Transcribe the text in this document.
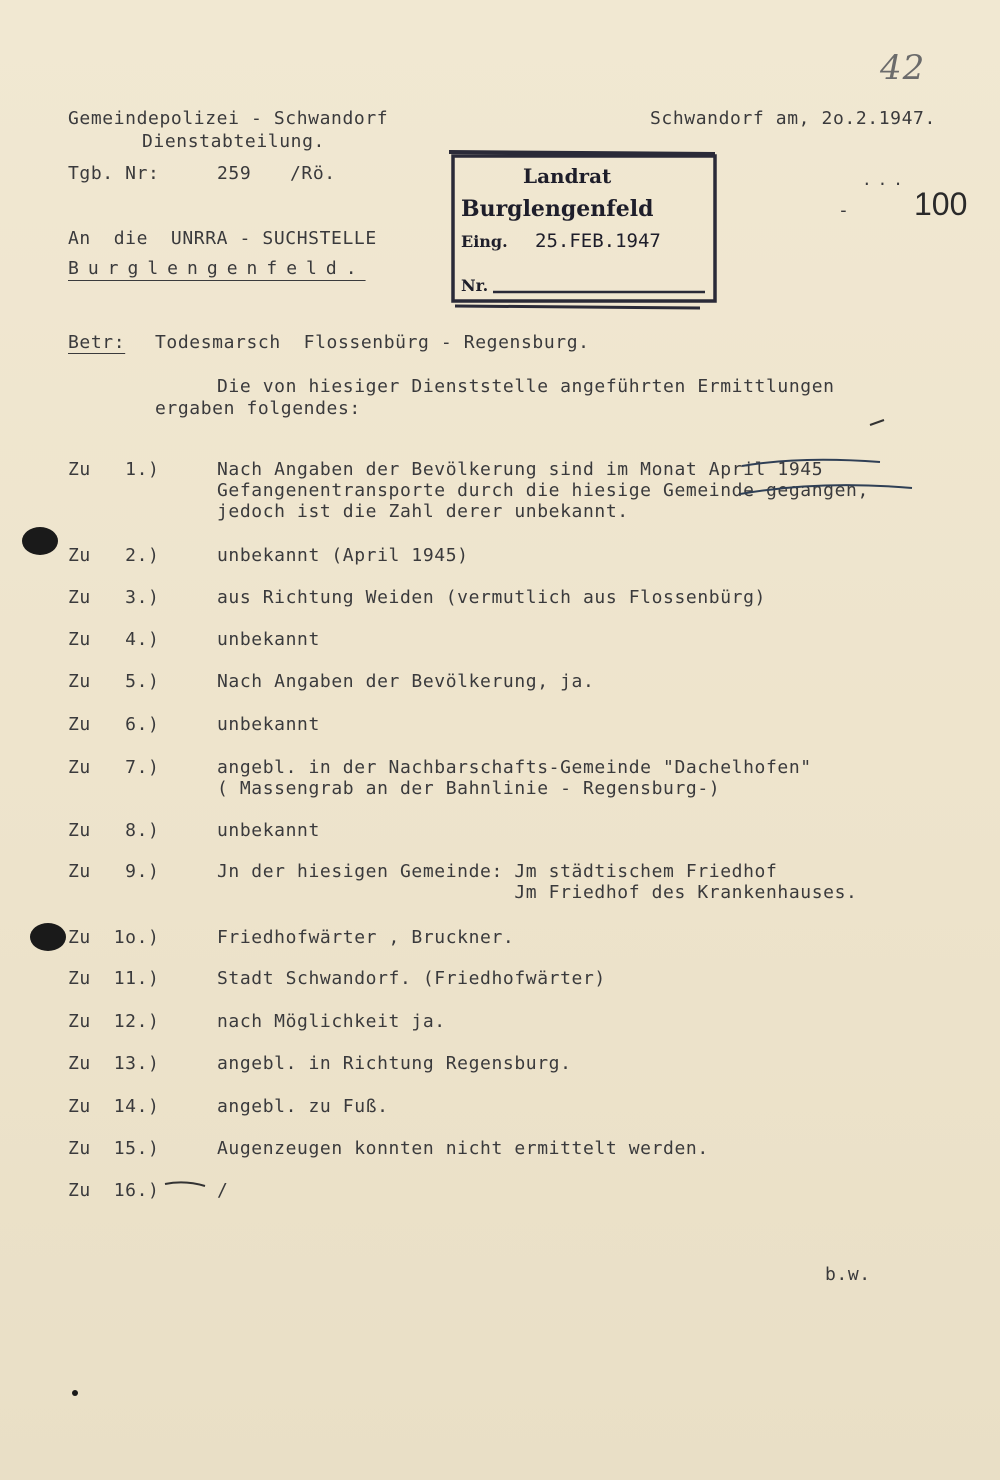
42
Gemeindepolizei - Schwandorf
Dienstabteilung.
Schwandorf am, 2o.2.1947.
Tgb. Nr:	259 /Rö.	...
- 100
An  die  UNRRA - SUCHSTELLE
Burglengenfeld.
Landrat
Burglengenfeld
Eing. 25.FEB.1947
Nr.
Betr: Todesmarsch  Flossenbürg - Regensburg.
Die von hiesiger Dienststelle angeführten Ermittlungen
ergaben folgendes:
Zu   1.)	Nach Angaben der Bevölkerung sind im Monat April 1945
Gefangenentransporte durch die hiesige Gemeinde gegangen,
jedoch ist die Zahl derer unbekannt.
Zu   2.)	unbekannt (April 1945)
Zu   3.)	aus Richtung Weiden (vermutlich aus Flossenbürg)
Zu   4.)	unbekannt
Zu   5.)	Nach Angaben der Bevölkerung, ja.
Zu   6.)	unbekannt
Zu   7.)	angebl. in der Nachbarschafts-Gemeinde "Dachelhofen"
( Massengrab an der Bahnlinie - Regensburg-)
Zu   8.)	unbekannt
Zu   9.)	Jn der hiesigen Gemeinde: Jm städtischem Friedhof
Jm Friedhof des Krankenhauses.
Zu  1o.)	Friedhofwärter , Bruckner.
Zu  11.)	Stadt Schwandorf. (Friedhofwärter)
Zu  12.)	nach Möglichkeit ja.
Zu  13.)	angebl. in Richtung Regensburg.
Zu  14.)	angebl. zu Fuß.
Zu  15.)	Augenzeugen konnten nicht ermittelt werden.
Zu  16.)	/
b.w.
